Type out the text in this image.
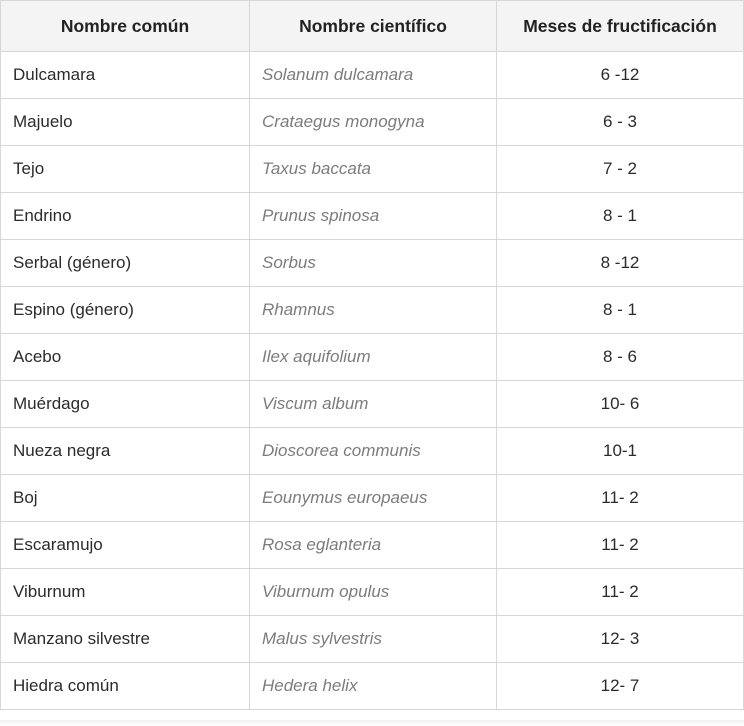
Nombre común	Nombre científico	Meses de fructificación
Dulcamara	Solanum dulcamara	6 -12
Majuelo	Crataegus monogyna	6 - 3
Tejo	Taxus baccata	7 - 2
Endrino	Prunus spinosa	8 - 1
Serbal (género)	Sorbus	8 -12
Espino (género)	Rhamnus	8 - 1
Acebo	Ilex aquifolium	8 - 6
Muérdago	Viscum album	10- 6
Nueza negra	Dioscorea communis	10-1
Boj	Eounymus europaeus	11- 2
Escaramujo	Rosa eglanteria	11- 2
Viburnum	Viburnum opulus	11- 2
Manzano silvestre	Malus sylvestris	12- 3
Hiedra común	Hedera helix	12- 7
